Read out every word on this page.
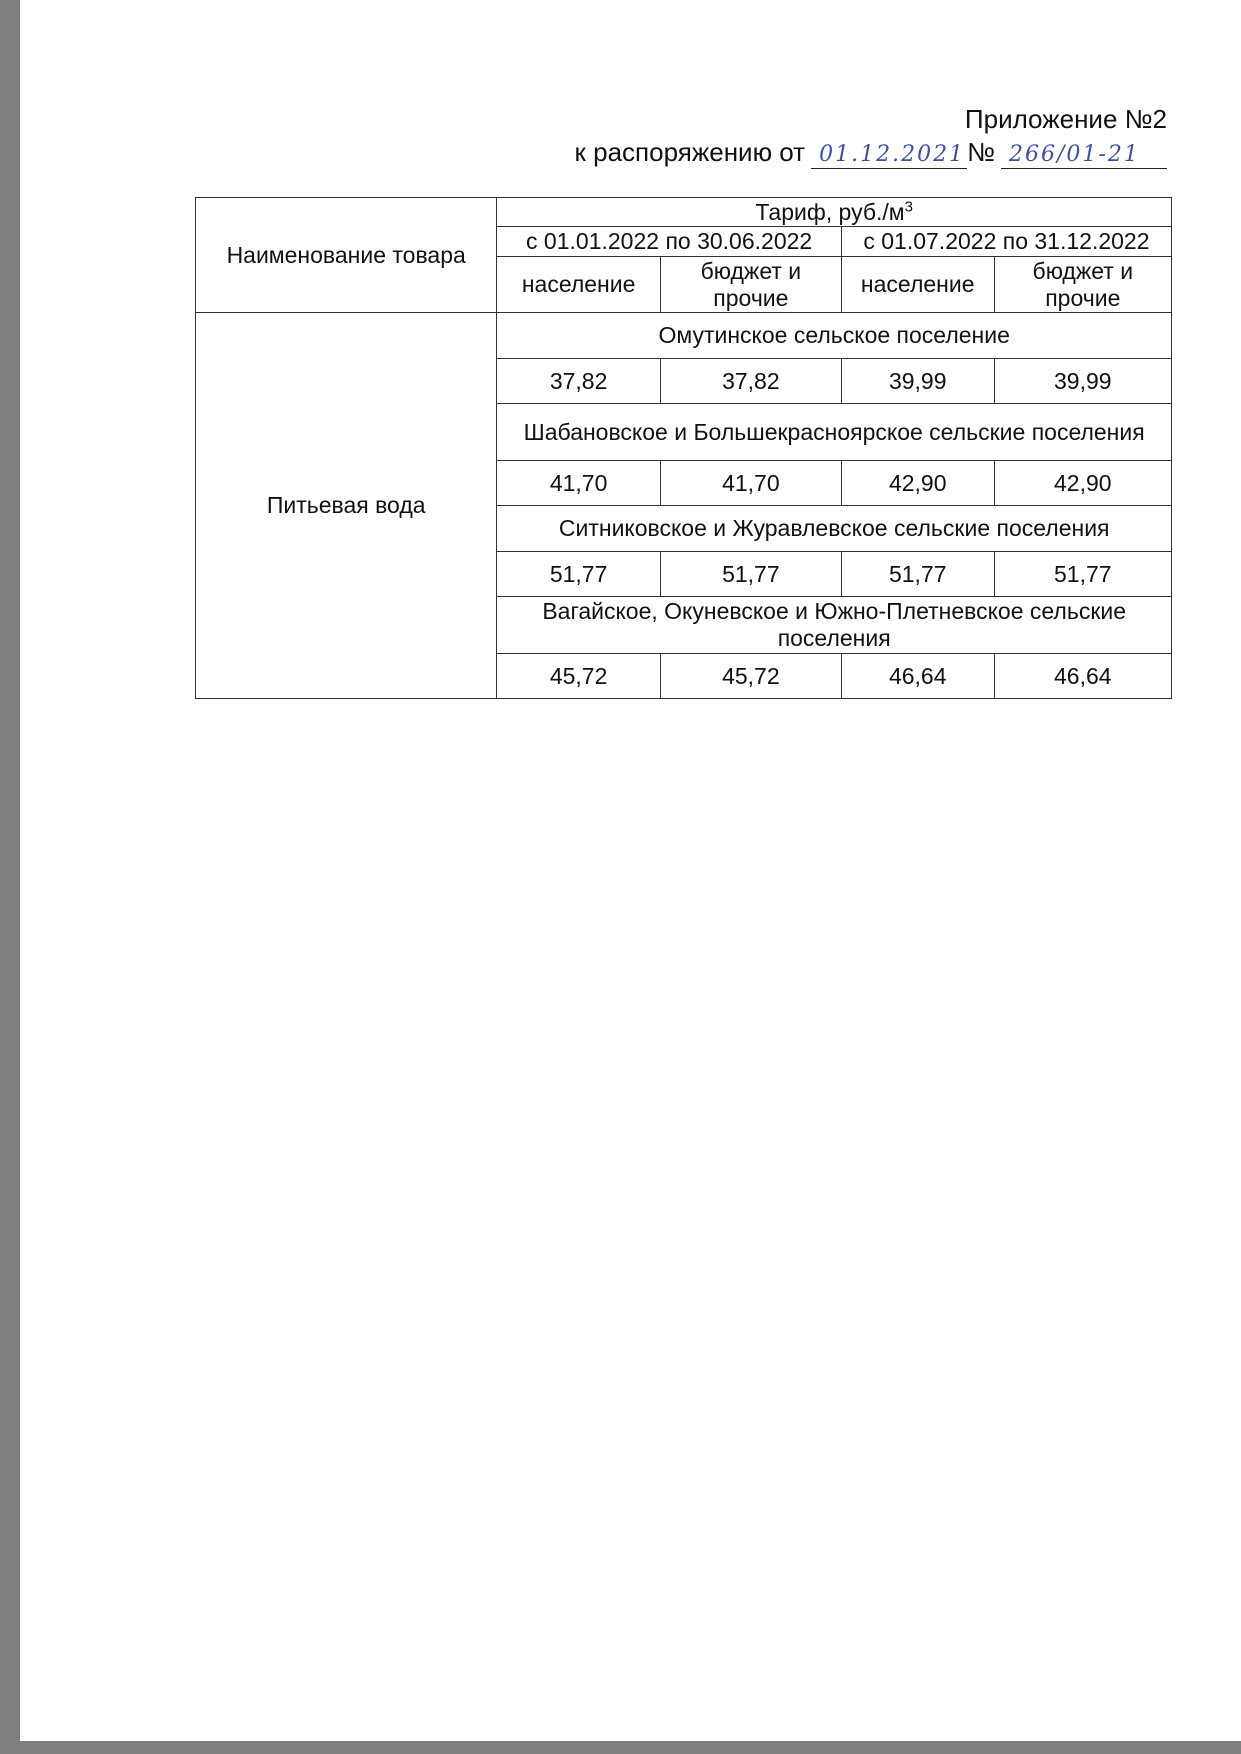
Приложение №2
к распоряжению от 01.12.2021№ 266/01-21
Наименование товара	Тариф, $руб./м^3$
	с 01.01.2022 по 30.06.2022		с 01.07.2022 по 31.12.2022	
	население	бюджет и прочие	население	бюджет и прочие
Питьевая вода	Омутинское сельское поселение			
	37,82	37,82	39,99	39,99
	Шабановское и Большекрасноярское сельские поселения			
	41,70	41,70	42,90	42,90
	Ситниковское и Журавлевское сельские поселения			
	51,77	51,77	51,77	51,77
	Вагайское, Окуневское и Южно-Плетневское сельские поселения			
	45,72	45,72	46,64	46,64
